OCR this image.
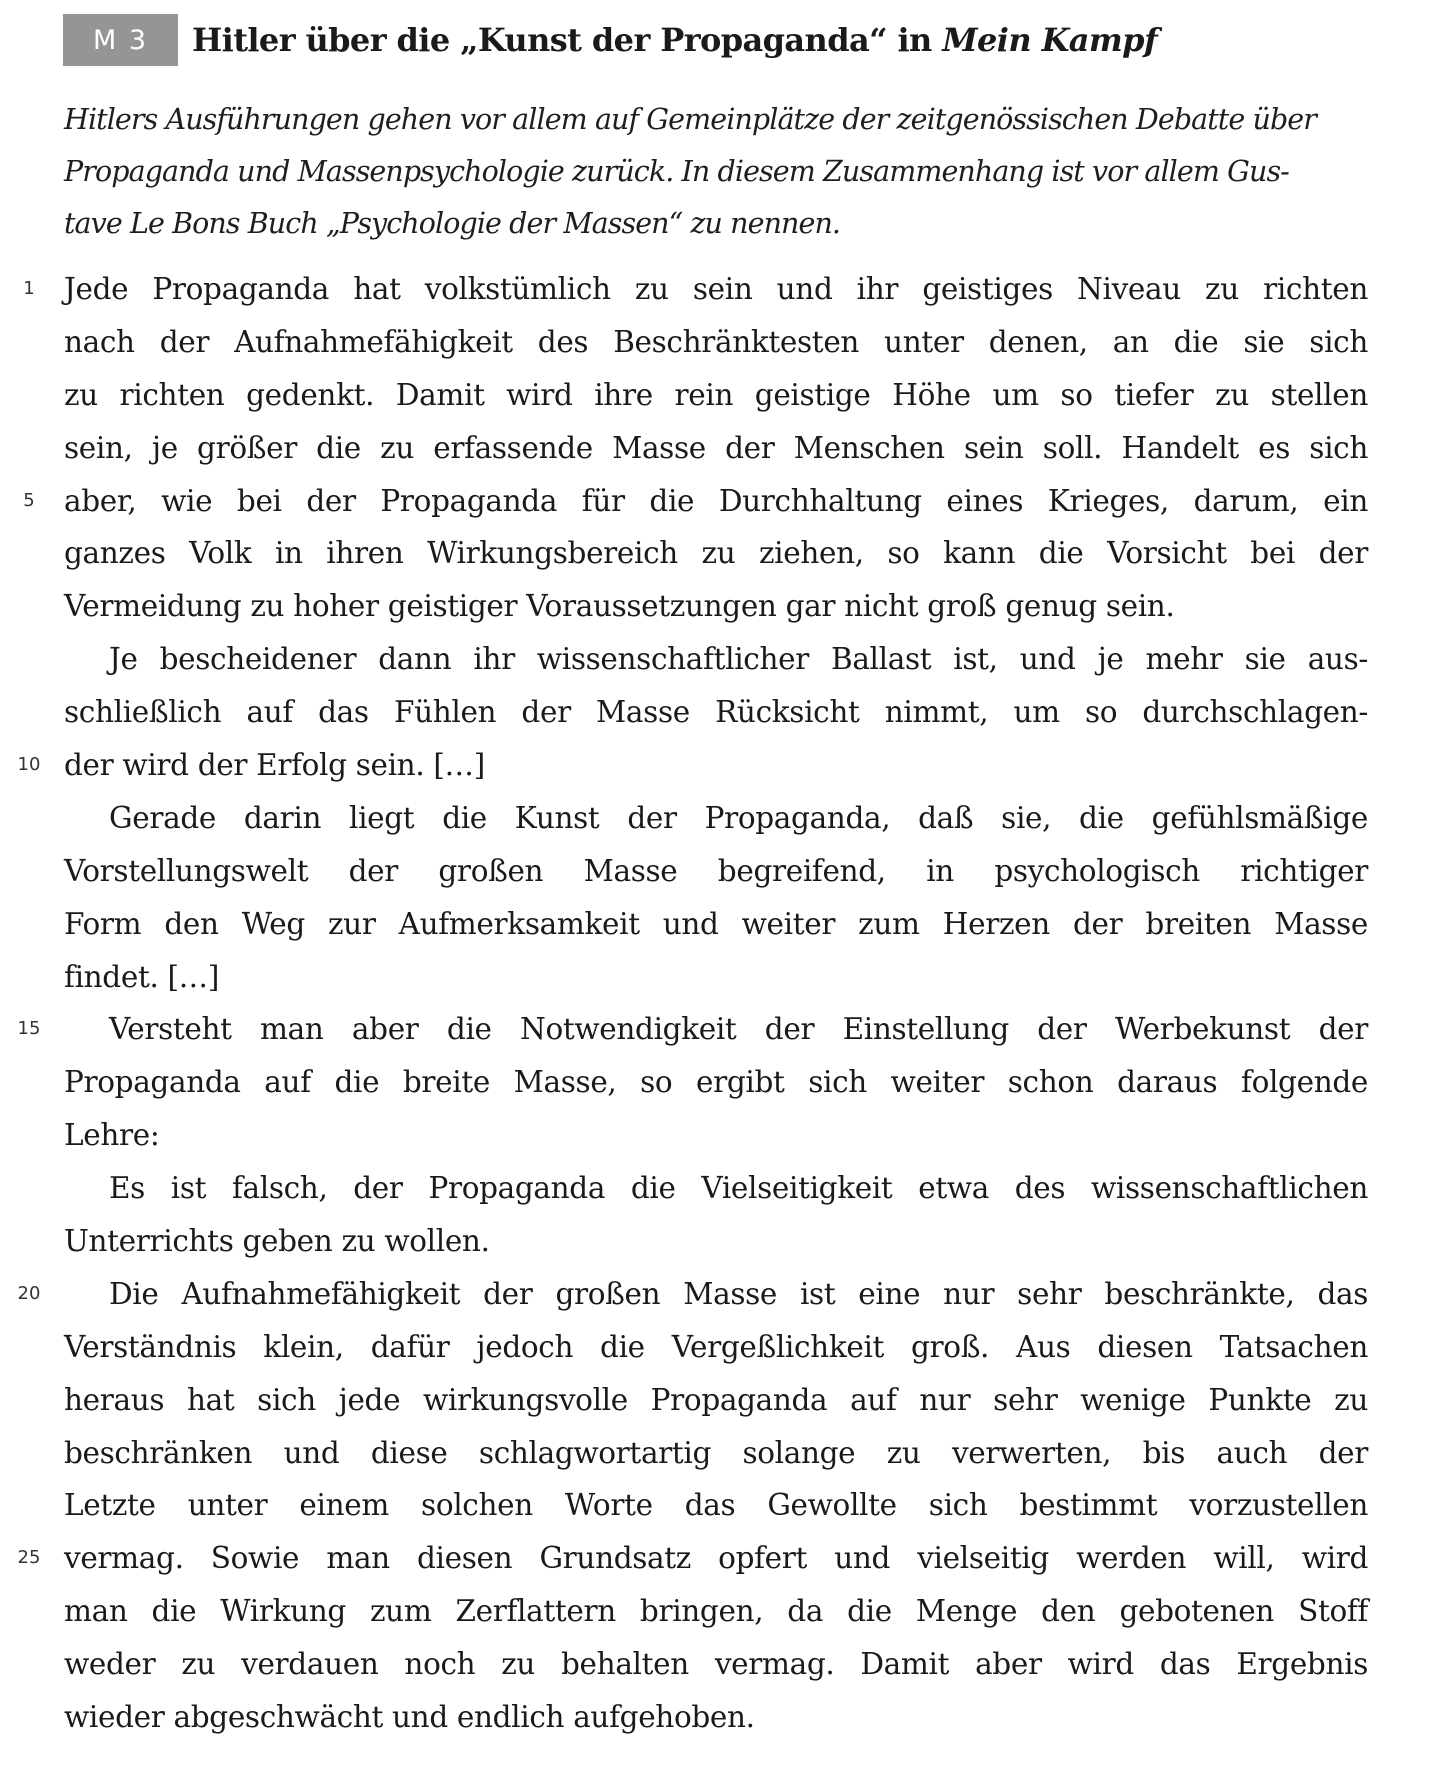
M 3	Hitler über die „Kunst der Propaganda“ in Mein Kampf
Hitlers Ausführungen gehen vor allem auf Gemeinplätze der zeitgenössischen Debatte über
Propaganda und Massenpsychologie zurück. In diesem Zusammenhang ist vor allem Gus-
tave Le Bons Buch „Psychologie der Massen“ zu nennen.
1 Jede Propaganda hat volkstümlich zu sein und ihr geistiges Niveau zu richten
nach der Aufnahmefähigkeit des Beschränktesten unter denen, an die sie sich
zu richten gedenkt. Damit wird ihre rein geistige Höhe um so tiefer zu stellen
sein, je größer die zu erfassende Masse der Menschen sein soll. Handelt es sich
5 aber, wie bei der Propaganda für die Durchhaltung eines Krieges, darum, ein
ganzes Volk in ihren Wirkungsbereich zu ziehen, so kann die Vorsicht bei der
Vermeidung zu hoher geistiger Voraussetzungen gar nicht groß genug sein.
Je bescheidener dann ihr wissenschaftlicher Ballast ist, und je mehr sie aus-
schließlich auf das Fühlen der Masse Rücksicht nimmt, um so durchschlagen-
10 der wird der Erfolg sein. […]
Gerade darin liegt die Kunst der Propaganda, daß sie, die gefühlsmäßige
Vorstellungswelt der großen Masse begreifend, in psychologisch richtiger
Form den Weg zur Aufmerksamkeit und weiter zum Herzen der breiten Masse
findet. […]
15	Versteht man aber die Notwendigkeit der Einstellung der Werbekunst der
Propaganda auf die breite Masse, so ergibt sich weiter schon daraus folgende
Lehre:
Es ist falsch, der Propaganda die Vielseitigkeit etwa des wissenschaftlichen
Unterrichts geben zu wollen.
20	Die Aufnahmefähigkeit der großen Masse ist eine nur sehr beschränkte, das
Verständnis klein, dafür jedoch die Vergeßlichkeit groß. Aus diesen Tatsachen
heraus hat sich jede wirkungsvolle Propaganda auf nur sehr wenige Punkte zu
beschränken und diese schlagwortartig solange zu verwerten, bis auch der
Letzte unter einem solchen Worte das Gewollte sich bestimmt vorzustellen
25 vermag. Sowie man diesen Grundsatz opfert und vielseitig werden will, wird
man die Wirkung zum Zerflattern bringen, da die Menge den gebotenen Stoff
weder zu verdauen noch zu behalten vermag. Damit aber wird das Ergebnis
wieder abgeschwächt und endlich aufgehoben.
